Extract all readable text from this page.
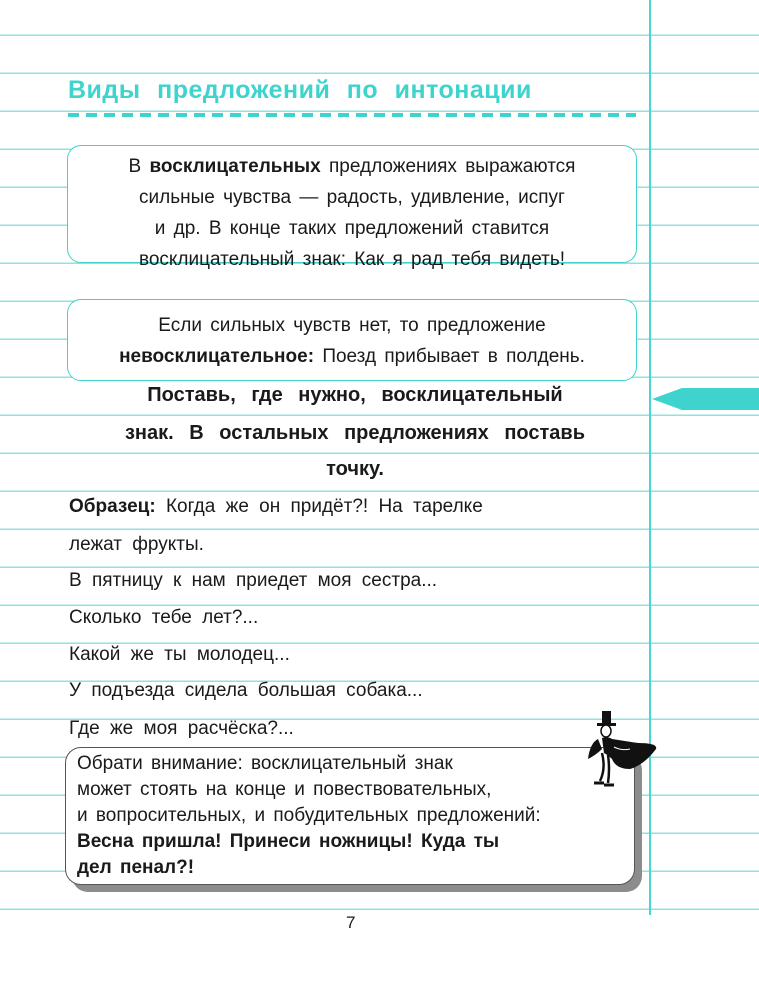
Виды предложений по интонации
В восклицательных предложениях выражаются
сильные чувства — радость, удивление, испуг
и др. В конце таких предложений ставится
восклицательный знак: Как я рад тебя видеть!
Если сильных чувств нет, то предложение
невосклицательное: Поезд прибывает в полдень.

Поставь, где нужно, восклицательный

знак. В остальных предложениях поставь

точку.

Образец: Когда же он придёт?! На тарелке

лежат фрукты.

В пятницу к нам приедет моя сестра...

Сколько тебе лет?...

Какой же ты молодец...

У подъезда сидела большая собака...

Где же моя расчёска?...

Обрати внимание: восклицательный знак
может стоять на конце и повествовательных,
и вопросительных, и побудительных предложений:
Весна пришла! Принеси ножницы! Куда ты
дел пенал?!

7
